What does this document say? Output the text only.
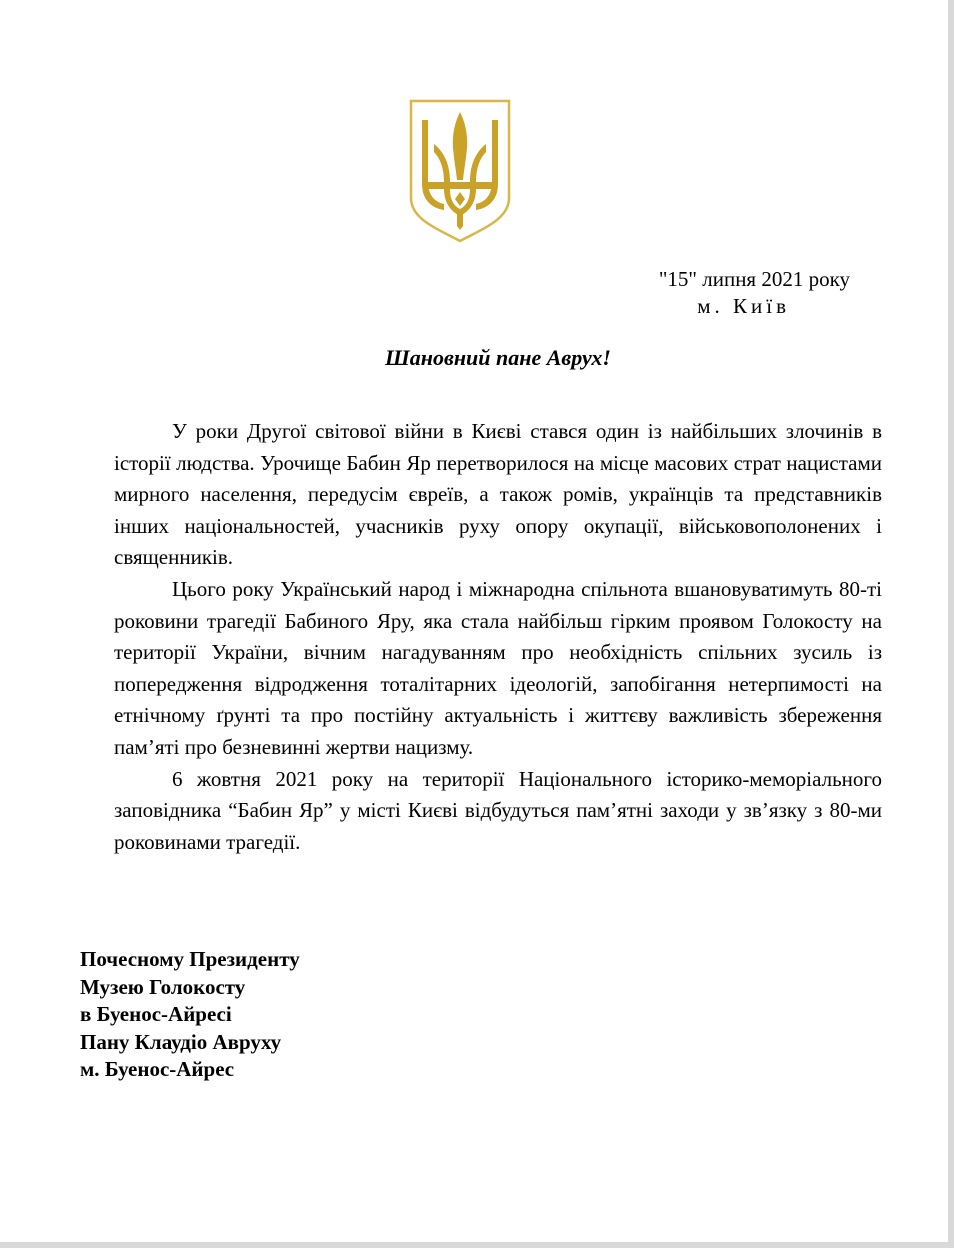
"15" липня 2021 року
м. Київ
Шановний пане Аврух!

У роки Другої світової війни в Києві стався один із найбільших злочинів в історії людства. Урочище Бабин Яр перетворилося на місце масових страт нацистами мирного населення, передусім євреїв, а також ромів, українців та представників інших національностей, учасників руху опору окупації, військовополонених і священників.

Цього року Український народ і міжнародна спільнота вшановуватимуть 80-ті роковини трагедії Бабиного Яру, яка стала найбільш гірким проявом Голокосту на території України, вічним нагадуванням про необхідність спільних зусиль із попередження відродження тоталітарних ідеологій, запобігання нетерпимості на етнічному ґрунті та про постійну актуальність і життєву важливість збереження пам’яті про безневинні жертви нацизму.

6 жовтня 2021 року на території Національного історико-меморіального заповідника “Бабин Яр” у місті Києві відбудуться пам’ятні заходи у зв’язку з 80-ми роковинами трагедії.

Почесному Президенту
Музею Голокосту
в Буенос-Айресі
Пану Клаудіо Авруху
м. Буенос-Айрес
